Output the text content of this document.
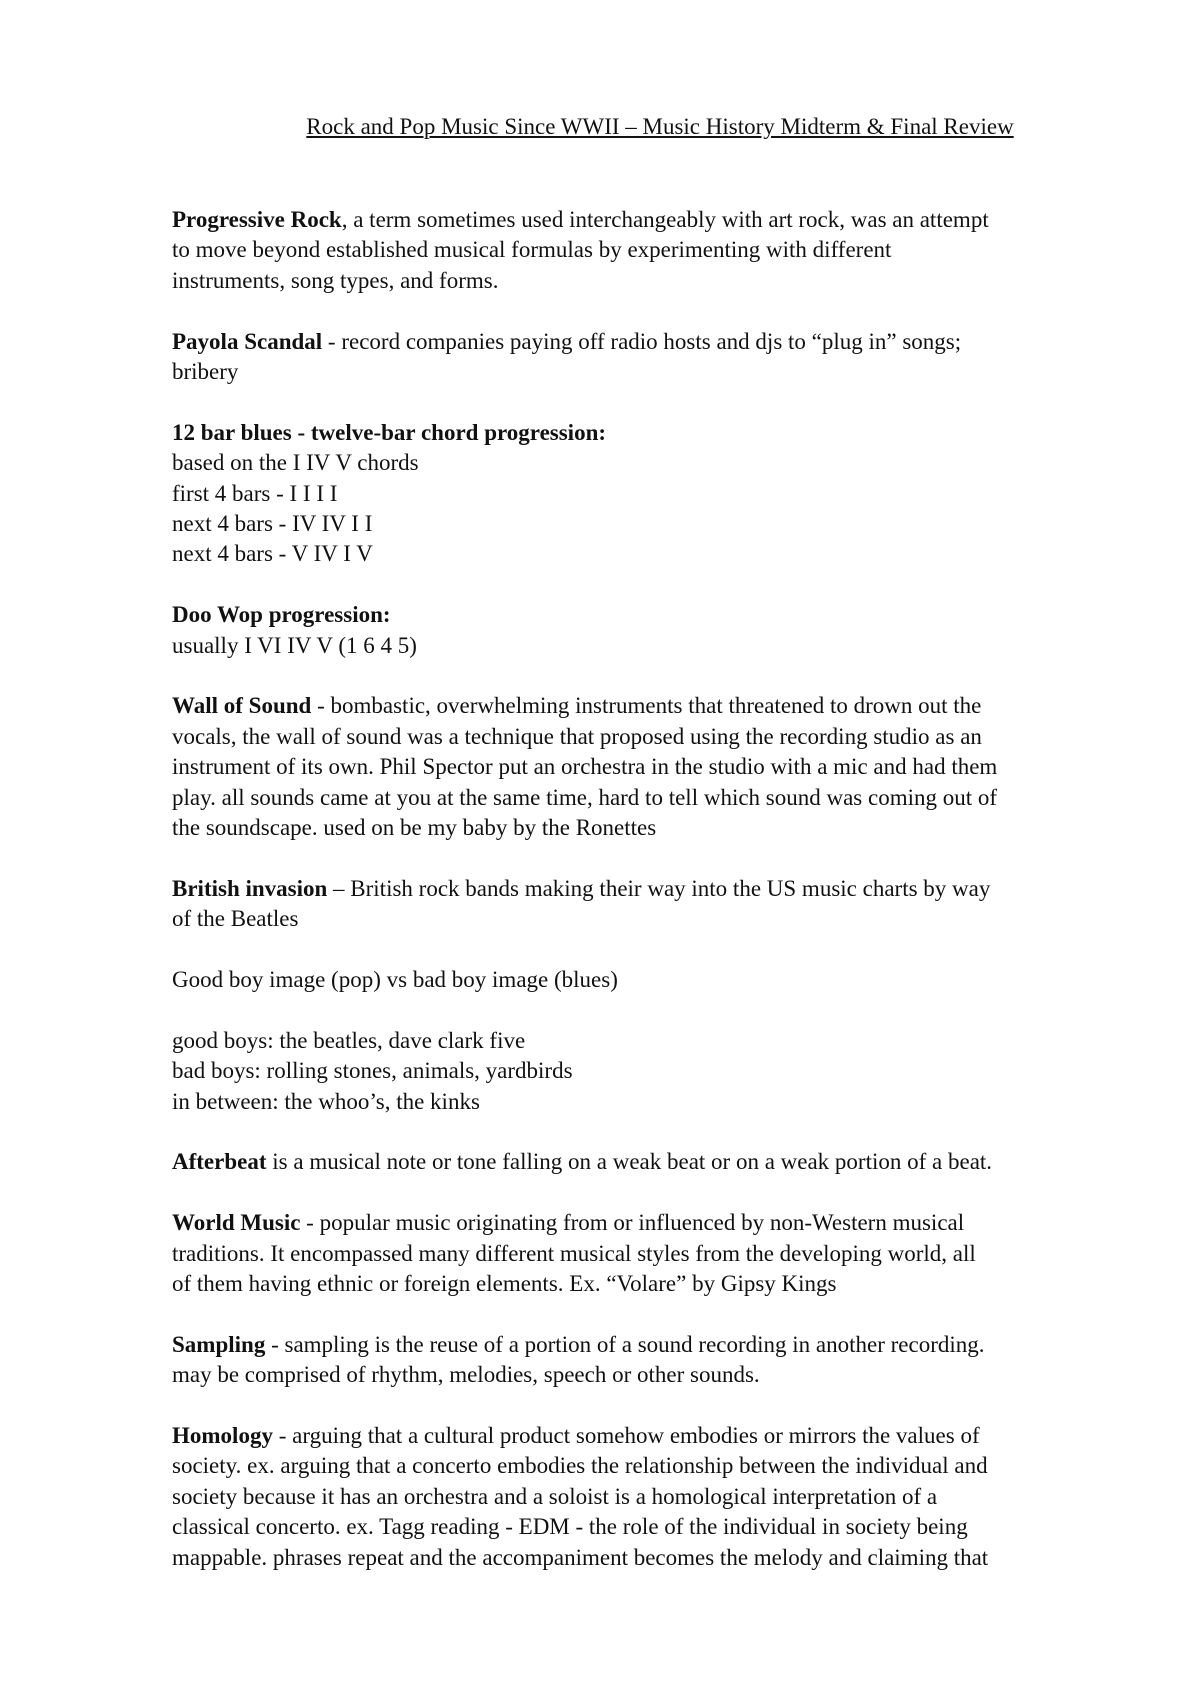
Rock and Pop Music Since WWII – Music History Midterm & Final Review
Progressive Rock, a term sometimes used interchangeably with art rock, was an attempt
to move beyond established musical formulas by experimenting with different
instruments, song types, and forms.
Payola Scandal - record companies paying off radio hosts and djs to “plug in” songs;
bribery
12 bar blues - twelve-bar chord progression:
based on the I IV V chords
first 4 bars - I I I I
next 4 bars - IV IV I I
next 4 bars - V IV I V
Doo Wop progression:
usually I VI IV V (1 6 4 5)
Wall of Sound - bombastic, overwhelming instruments that threatened to drown out the
vocals, the wall of sound was a technique that proposed using the recording studio as an
instrument of its own. Phil Spector put an orchestra in the studio with a mic and had them
play. all sounds came at you at the same time, hard to tell which sound was coming out of
the soundscape. used on be my baby by the Ronettes
British invasion – British rock bands making their way into the US music charts by way
of the Beatles
Good boy image (pop) vs bad boy image (blues)
good boys: the beatles, dave clark five
bad boys: rolling stones, animals, yardbirds
in between: the whoo’s, the kinks
Afterbeat is a musical note or tone falling on a weak beat or on a weak portion of a beat.
World Music - popular music originating from or influenced by non-Western musical
traditions. It encompassed many different musical styles from the developing world, all
of them having ethnic or foreign elements. Ex. “Volare” by Gipsy Kings
Sampling - sampling is the reuse of a portion of a sound recording in another recording.
may be comprised of rhythm, melodies, speech or other sounds.
Homology - arguing that a cultural product somehow embodies or mirrors the values of
society. ex. arguing that a concerto embodies the relationship between the individual and
society because it has an orchestra and a soloist is a homological interpretation of a
classical concerto. ex. Tagg reading - EDM - the role of the individual in society being
mappable. phrases repeat and the accompaniment becomes the melody and claiming that
